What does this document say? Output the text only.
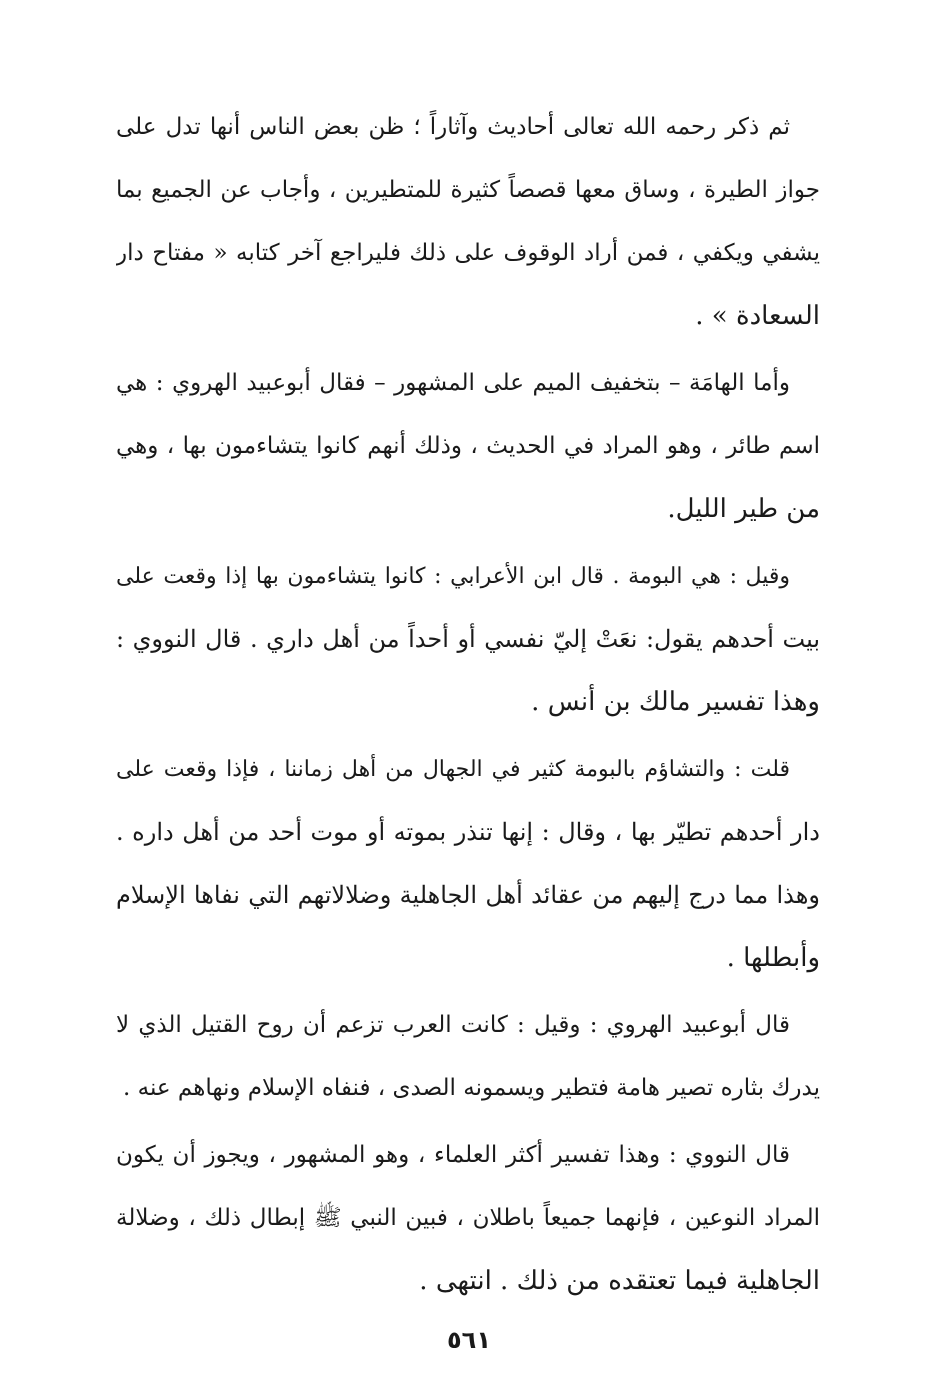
ثم ذكر رحمه الله تعالى أحاديث وآثاراً ؛ ظن بعض الناس أنها تدل على
جواز الطيرة ، وساق معها قصصاً كثيرة للمتطيرين ، وأجاب عن الجميع بما
يشفي ويكفي ، فمن أراد الوقوف على ذلك فليراجع آخر كتابه « مفتاح دار
السعادة » .
وأما الهامَة – بتخفيف الميم على المشهور – فقال أبوعبيد الهروي : هي
اسم طائر ، وهو المراد في الحديث ، وذلك أنهم كانوا يتشاءمون بها ، وهي
من طير الليل.
وقيل : هي البومة . قال ابن الأعرابي : كانوا يتشاءمون بها إذا وقعت على
بيت أحدهم يقول: نعَتْ إليّ نفسي أو أحداً من أهل داري . قال النووي :
وهذا تفسير مالك بن أنس .
قلت : والتشاؤم بالبومة كثير في الجهال من أهل زماننا ، فإذا وقعت على
دار أحدهم تطيّر بها ، وقال : إنها تنذر بموته أو موت أحد من أهل داره .
وهذا مما درج إليهم من عقائد أهل الجاهلية وضلالاتهم التي نفاها الإسلام
وأبطلها .
قال أبوعبيد الهروي : وقيل : كانت العرب تزعم أن روح القتيل الذي لا
يدرك بثاره تصير هامة فتطير ويسمونه الصدى ، فنفاه الإسلام ونهاهم عنه .
قال النووي : وهذا تفسير أكثر العلماء ، وهو المشهور ، ويجوز أن يكون
المراد النوعين ، فإنهما جميعاً باطلان ، فبين النبي ﷺ إبطال ذلك ، وضلالة
الجاهلية فيما تعتقده من ذلك . انتهى .
٥٦١
